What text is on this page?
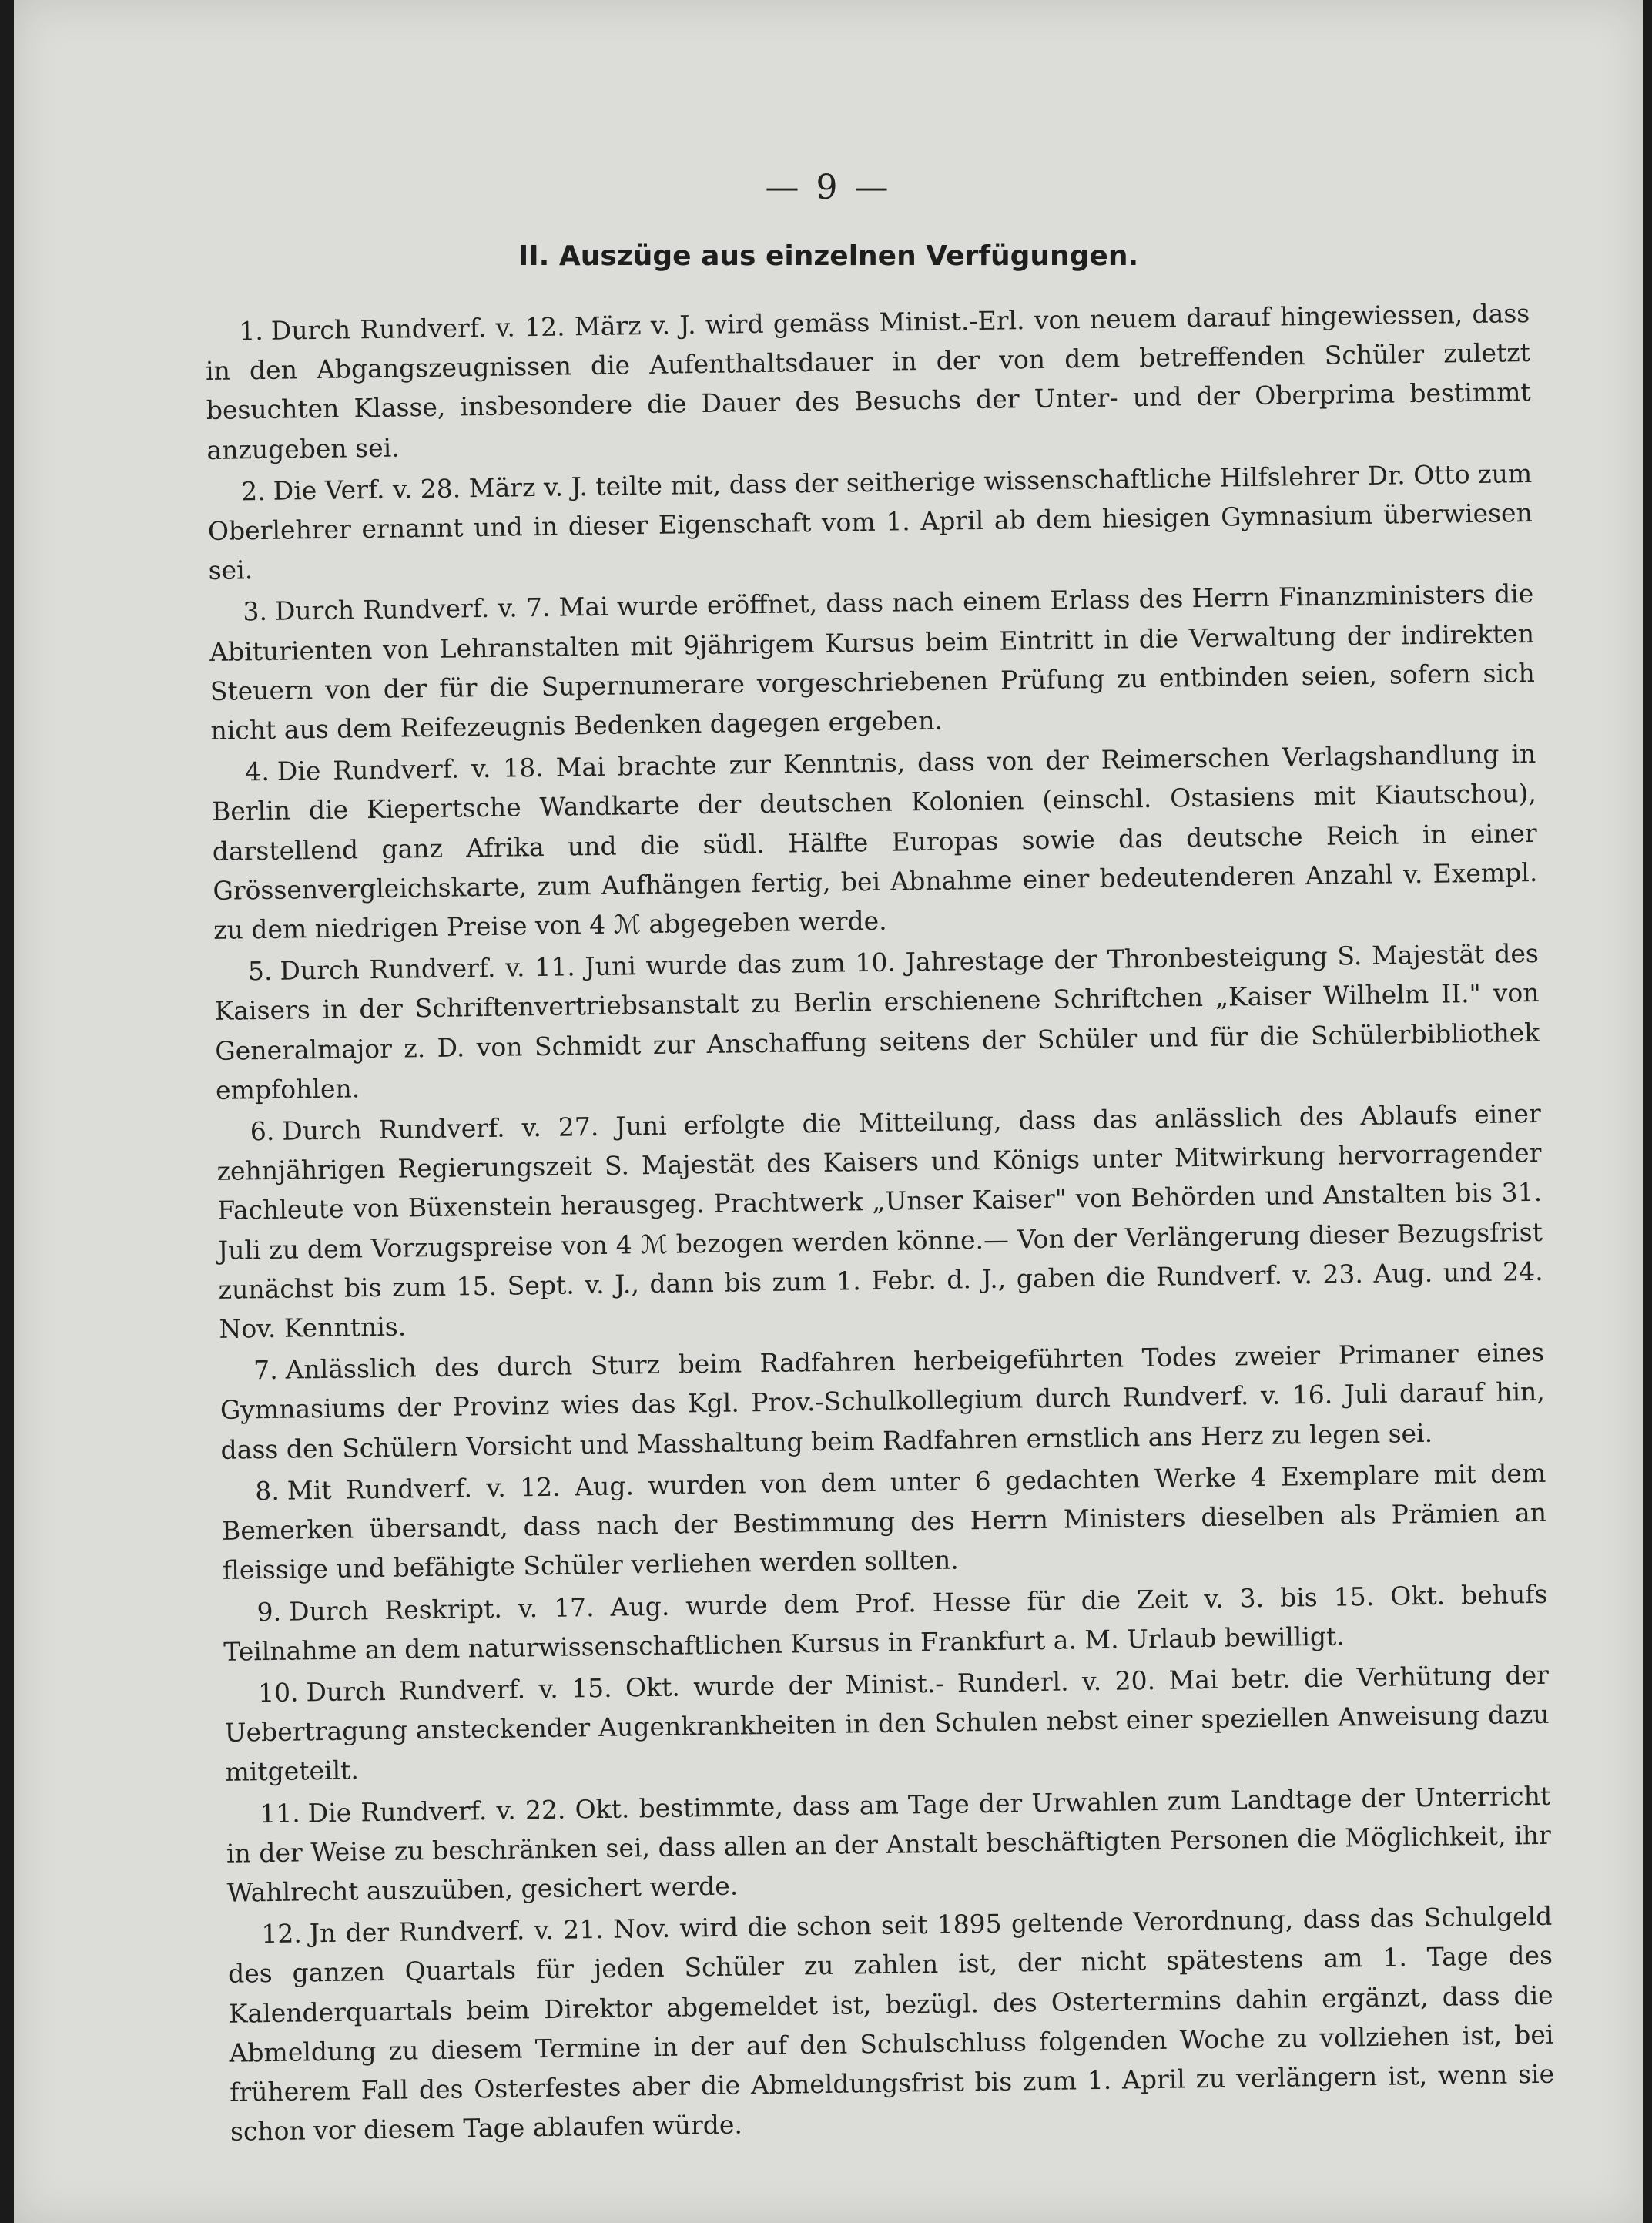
— 9 —
II. Auszüge aus einzelnen Verfügungen.

1. Durch Rundverf. v. 12. März v. J. wird gemäss Minist.-Erl. von neuem darauf hingewiessen, dass in den Abgangszeugnissen die Aufenthaltsdauer in der von dem betreffenden Schüler zuletzt besuchten Klasse, insbesondere die Dauer des Besuchs der Unter- und der Oberprima bestimmt anzugeben sei.

2. Die Verf. v. 28. März v. J. teilte mit, dass der seitherige wissenschaftliche Hilfslehrer Dr. Otto zum Oberlehrer ernannt und in dieser Eigenschaft vom 1. April ab dem hiesigen Gymnasium überwiesen sei.

3. Durch Rundverf. v. 7. Mai wurde eröffnet, dass nach einem Erlass des Herrn Finanzministers die Abiturienten von Lehranstalten mit 9jährigem Kursus beim Eintritt in die Verwaltung der indirekten Steuern von der für die Supernumerare vorgeschriebenen Prüfung zu entbinden seien, sofern sich nicht aus dem Reifezeugnis Bedenken dagegen ergeben.

4. Die Rundverf. v. 18. Mai brachte zur Kenntnis, dass von der Reimerschen Verlagshandlung in Berlin die Kiepertsche Wandkarte der deutschen Kolonien (einschl. Ostasiens mit Kiautschou), darstellend ganz Afrika und die südl. Hälfte Europas sowie das deutsche Reich in einer Grössenvergleichskarte, zum Aufhängen fertig, bei Abnahme einer bedeutenderen Anzahl v. Exempl. zu dem niedrigen Preise von 4 ℳ abgegeben werde.

5. Durch Rundverf. v. 11. Juni wurde das zum 10. Jahrestage der Thronbesteigung S. Majestät des Kaisers in der Schriftenvertriebsanstalt zu Berlin erschienene Schriftchen „Kaiser Wilhelm II." von Generalmajor z. D. von Schmidt zur Anschaffung seitens der Schüler und für die Schülerbibliothek empfohlen.

6. Durch Rundverf. v. 27. Juni erfolgte die Mitteilung, dass das anlässlich des Ablaufs einer zehnjährigen Regierungszeit S. Majestät des Kaisers und Königs unter Mitwirkung hervorragender Fachleute von Büxenstein herausgeg. Prachtwerk „Unser Kaiser" von Behörden und Anstalten bis 31. Juli zu dem Vorzugspreise von 4 ℳ bezogen werden könne.— Von der Verlängerung dieser Bezugsfrist zunächst bis zum 15. Sept. v. J., dann bis zum 1. Febr. d. J., gaben die Rundverf. v. 23. Aug. und 24. Nov. Kenntnis.

7. Anlässlich des durch Sturz beim Radfahren herbeigeführten Todes zweier Primaner eines Gymnasiums der Provinz wies das Kgl. Prov.-Schulkollegium durch Rundverf. v. 16. Juli darauf hin, dass den Schülern Vorsicht und Masshaltung beim Radfahren ernstlich ans Herz zu legen sei.

8. Mit Rundverf. v. 12. Aug. wurden von dem unter 6 gedachten Werke 4 Exemplare mit dem Bemerken übersandt, dass nach der Bestimmung des Herrn Ministers dieselben als Prämien an fleissige und befähigte Schüler verliehen werden sollten.

9. Durch Reskript. v. 17. Aug. wurde dem Prof. Hesse für die Zeit v. 3. bis 15. Okt. behufs Teilnahme an dem naturwissenschaftlichen Kursus in Frankfurt a. M. Urlaub bewilligt.

10. Durch Rundverf. v. 15. Okt. wurde der Minist.- Runderl. v. 20. Mai betr. die Verhütung der Uebertragung ansteckender Augenkrankheiten in den Schulen nebst einer speziellen Anweisung dazu mitgeteilt.

11. Die Rundverf. v. 22. Okt. bestimmte, dass am Tage der Urwahlen zum Landtage der Unterricht in der Weise zu beschränken sei, dass allen an der Anstalt beschäftigten Personen die Möglichkeit, ihr Wahlrecht auszuüben, gesichert werde.

12. Jn der Rundverf. v. 21. Nov. wird die schon seit 1895 geltende Verordnung, dass das Schulgeld des ganzen Quartals für jeden Schüler zu zahlen ist, der nicht spätestens am 1. Tage des Kalenderquartals beim Direktor abgemeldet ist, bezügl. des Ostertermins dahin ergänzt, dass die Abmeldung zu diesem Termine in der auf den Schulschluss folgenden Woche zu vollziehen ist, bei früherem Fall des Osterfestes aber die Abmeldungsfrist bis zum 1. April zu verlängern ist, wenn sie schon vor diesem Tage ablaufen würde.
